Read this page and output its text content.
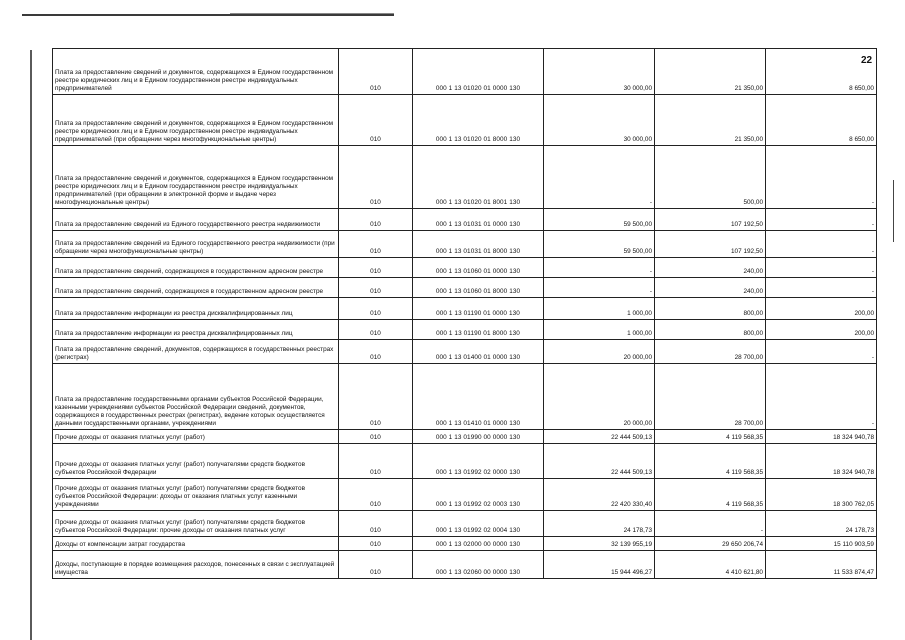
22
Плата за предоставление сведений и документов, содержащихся в Едином государственном реестре юридических лиц и в Едином государственном реестре индивидуальных предпринимателей	010	000 1 13 01020 01 0000 130	30 000,00	21 350,00	8 650,00
Плата за предоставление сведений и документов, содержащихся в Едином государственном реестре юридических лиц и в Едином государственном реестре индивидуальных предпринимателей (при обращении через многофункциональные центры)	010	000 1 13 01020 01 8000 130	30 000,00	21 350,00	8 650,00
Плата за предоставление сведений и документов, содержащихся в Едином государственном реестре юридических лиц и в Едином государственном реестре индивидуальных предпринимателей (при обращении в электронной форме и выдаче через многофункциональные центры)	010	000 1 13 01020 01 8001 130	-	500,00	-
Плата за предоставление сведений из Единого государственного реестра недвижимости	010	000 1 13 01031 01 0000 130	59 500,00	107 192,50	-
Плата за предоставление сведений из Единого государственного реестра недвижимости (при обращении через многофункциональные центры)	010	000 1 13 01031 01 8000 130	59 500,00	107 192,50	-
Плата за предоставление сведений, содержащихся в государственном адресном реестре	010	000 1 13 01060 01 0000 130	-	240,00	-
Плата за предоставление сведений, содержащихся в государственном адресном реестре	010	000 1 13 01060 01 8000 130	-	240,00	-
Плата за предоставление информации из реестра дисквалифицированных лиц	010	000 1 13 01190 01 0000 130	1 000,00	800,00	200,00
Плата за предоставление информации из реестра дисквалифицированных лиц	010	000 1 13 01190 01 8000 130	1 000,00	800,00	200,00
Плата за предоставление сведений, документов, содержащихся в государственных реестрах (регистрах)	010	000 1 13 01400 01 0000 130	20 000,00	28 700,00	-
Плата за предоставление государственными органами субъектов Российской Федерации, казенными учреждениями субъектов Российской Федерации сведений, документов, содержащихся в государственных реестрах (регистрах), ведение которых осуществляется данными государственными органами, учреждениями	010	000 1 13 01410 01 0000 130	20 000,00	28 700,00	-
Прочие доходы от оказания платных услуг (работ)	010	000 1 13 01990 00 0000 130	22 444 509,13	4 119 568,35	18 324 940,78
Прочие доходы от оказания платных услуг (работ) получателями средств бюджетов субъектов Российской Федерации	010	000 1 13 01992 02 0000 130	22 444 509,13	4 119 568,35	18 324 940,78
Прочие доходы от оказания платных услуг (работ) получателями средств бюджетов субъектов Российской Федерации: доходы от оказания платных услуг казенными учреждениями	010	000 1 13 01992 02 0003 130	22 420 330,40	4 119 568,35	18 300 762,05
Прочие доходы от оказания платных услуг (работ) получателями средств бюджетов субъектов Российской Федерации: прочие доходы от оказания платных услуг	010	000 1 13 01992 02 0004 130	24 178,73	-	24 178,73
Доходы от компенсации затрат государства	010	000 1 13 02000 00 0000 130	32 139 955,19	29 650 206,74	15 110 903,59
Доходы, поступающие в порядке возмещения расходов, понесенных в связи с эксплуатацией имущества	010	000 1 13 02060 00 0000 130	15 944 496,27	4 410 621,80	11 533 874,47
